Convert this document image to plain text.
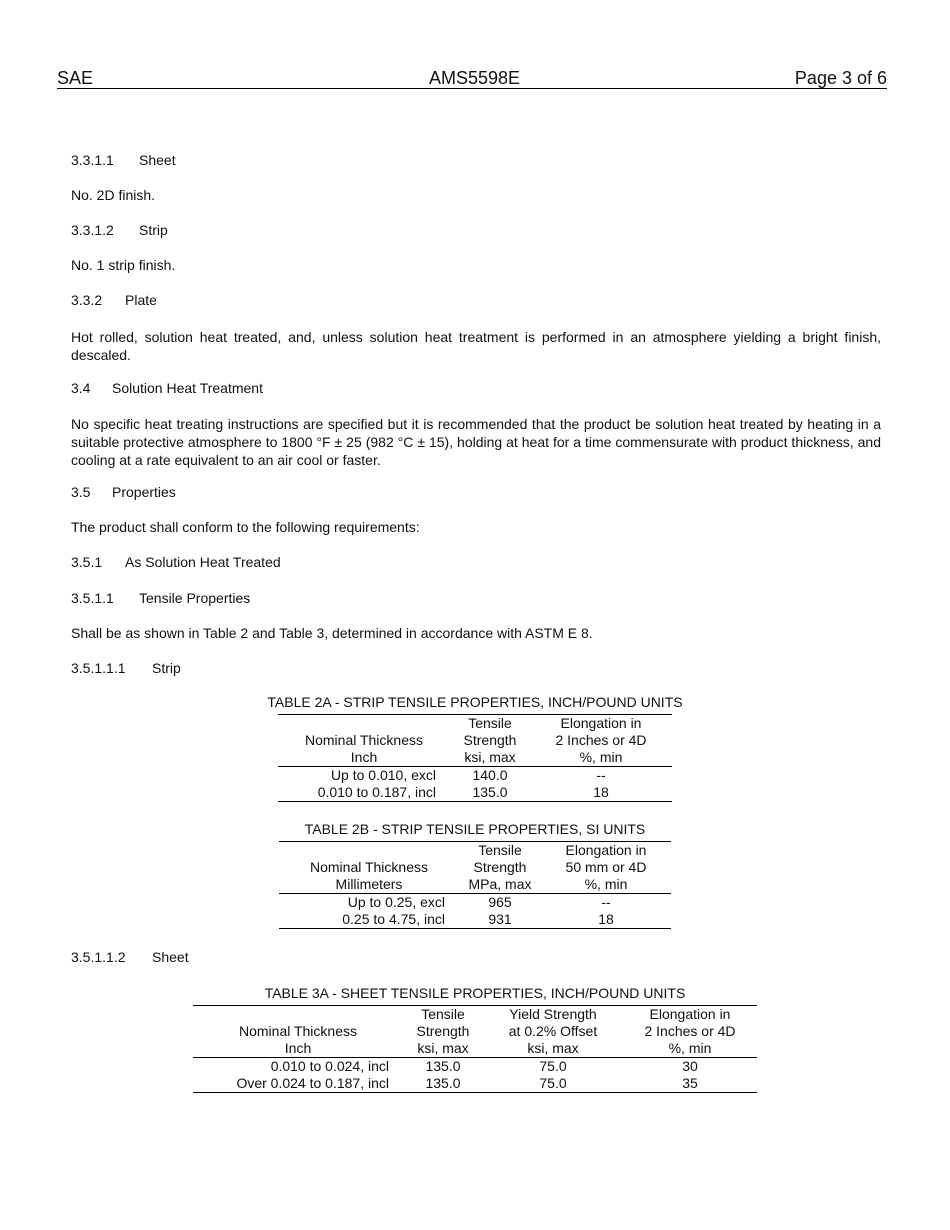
SAE	AMS5598E	Page 3 of 6
3.3.1.1 Sheet
No. 2D finish.
3.3.1.2 Strip
No. 1 strip finish.
3.3.2 Plate
Hot rolled, solution heat treated, and, unless solution heat treatment is performed in an atmosphere yielding a bright finish, descaled.
3.4 Solution Heat Treatment
No specific heat treating instructions are specified but it is recommended that the product be solution heat treated by heating in a suitable protective atmosphere to 1800 °F ± 25 (982 °C ± 15), holding at heat for a time commensurate with product thickness, and cooling at a rate equivalent to an air cool or faster.
3.5 Properties
The product shall conform to the following requirements:
3.5.1 As Solution Heat Treated
3.5.1.1 Tensile Properties
Shall be as shown in Table 2 and Table 3, determined in accordance with ASTM E 8.
3.5.1.1.1 Strip
TABLE 2A - STRIP TENSILE PROPERTIES, INCH/POUND UNITS
	Tensile	Elongation in
Nominal Thickness	Strength	2 Inches or 4D
Inch	ksi, max	%, min
Up to 0.010, excl	140.0	--
0.010 to 0.187, incl	135.0	18
TABLE 2B - STRIP TENSILE PROPERTIES, SI UNITS
	Tensile	Elongation in
Nominal Thickness	Strength	50 mm or 4D
Millimeters	MPa, max	%, min
Up to 0.25, excl	965	--
0.25 to 4.75, incl	931	18
3.5.1.1.2 Sheet
TABLE 3A - SHEET TENSILE PROPERTIES, INCH/POUND UNITS
	Tensile	Yield Strength	Elongation in
Nominal Thickness	Strength	at 0.2% Offset	2 Inches or 4D
Inch	ksi, max	ksi, max	%, min
0.010 to 0.024, incl	135.0	75.0	30
Over 0.024 to 0.187, incl	135.0	75.0	35
